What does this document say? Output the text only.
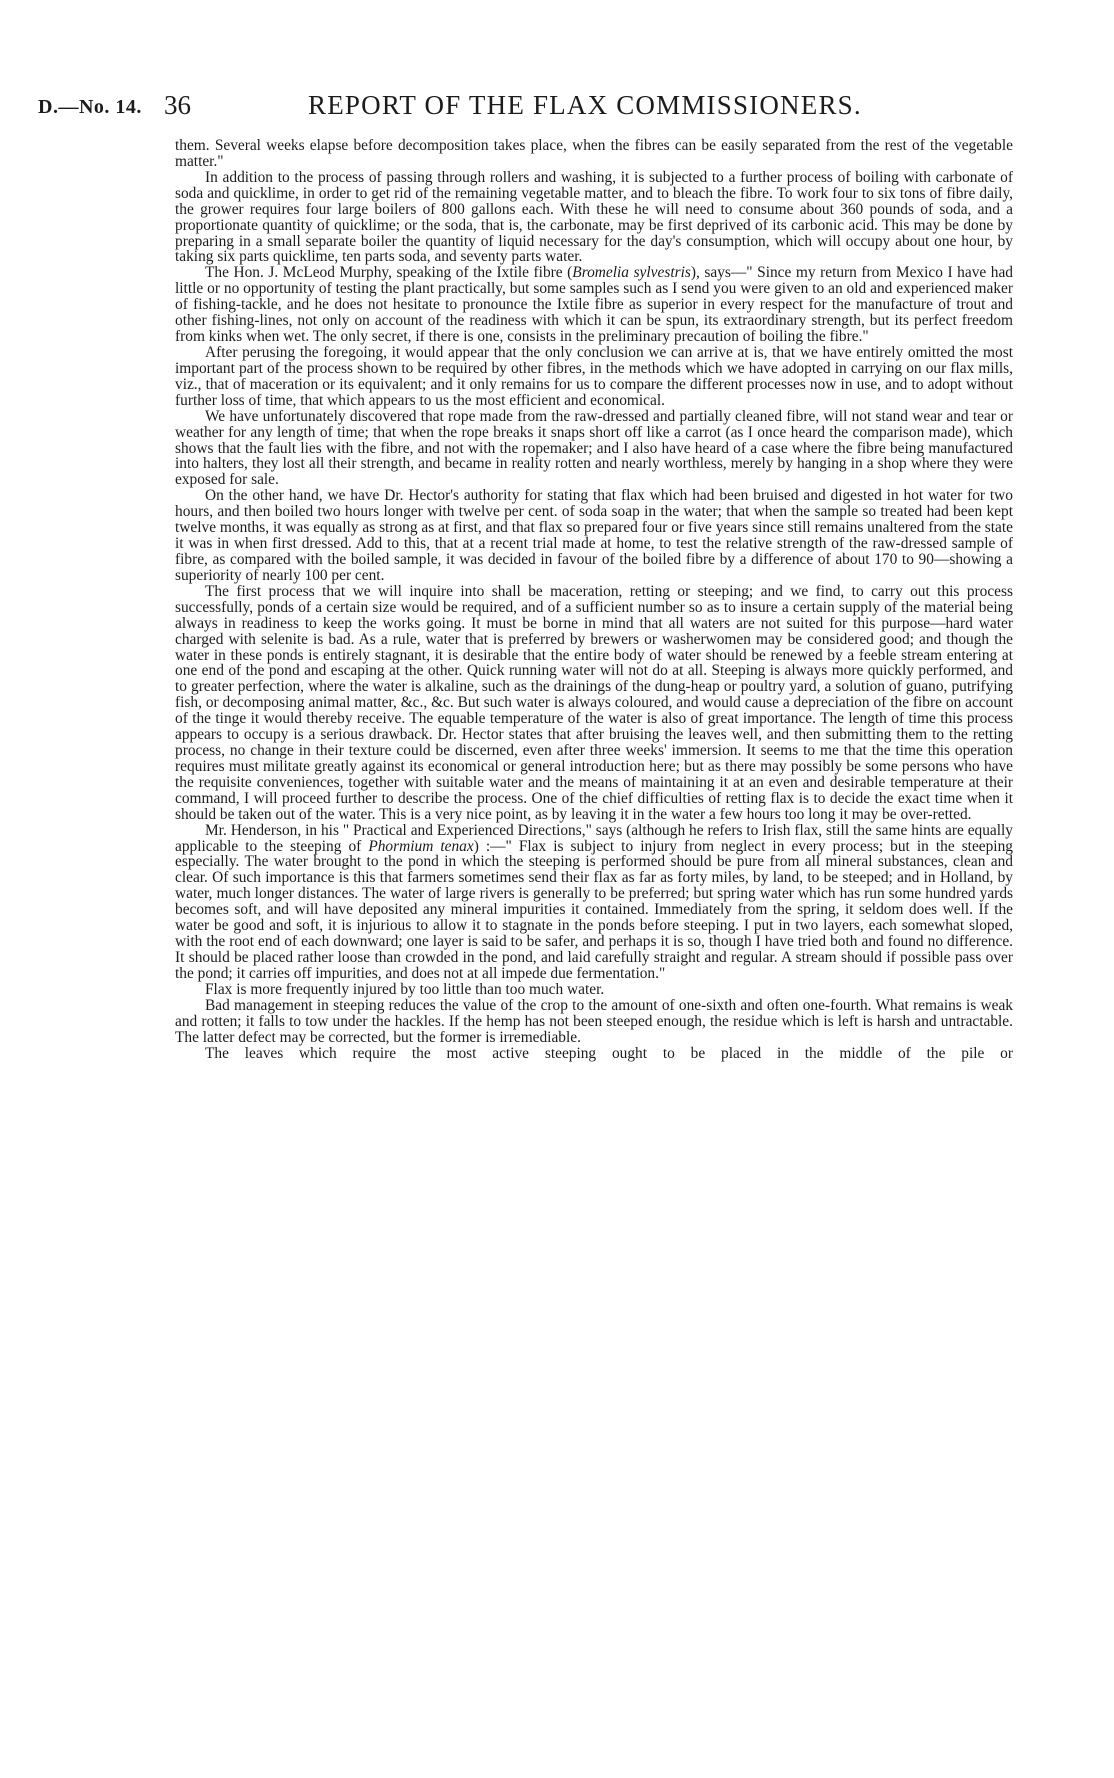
D.—No. 14. 36	REPORT OF THE FLAX COMMISSIONERS.

them. Several weeks elapse before decomposition takes place, when the fibres can be easily separated from the rest of the vegetable matter."

In addition to the process of passing through rollers and washing, it is subjected to a further process of boiling with carbonate of soda and quicklime, in order to get rid of the remaining vegetable matter, and to bleach the fibre. To work four to six tons of fibre daily, the grower requires four large boilers of 800 gallons each. With these he will need to consume about 360 pounds of soda, and a proportionate quantity of quicklime; or the soda, that is, the carbonate, may be first deprived of its carbonic acid. This may be done by preparing in a small separate boiler the quantity of liquid necessary for the day's consumption, which will occupy about one hour, by taking six parts quicklime, ten parts soda, and seventy parts water.

The Hon. J. McLeod Murphy, speaking of the Ixtile fibre (Bromelia sylvestris), says—" Since my return from Mexico I have had little or no opportunity of testing the plant practically, but some samples such as I send you were given to an old and experienced maker of fishing-tackle, and he does not hesitate to pronounce the Ixtile fibre as superior in every respect for the manufacture of trout and other fishing-lines, not only on account of the readiness with which it can be spun, its extraordinary strength, but its perfect freedom from kinks when wet. The only secret, if there is one, consists in the preliminary precaution of boiling the fibre."

After perusing the foregoing, it would appear that the only conclusion we can arrive at is, that we have entirely omitted the most important part of the process shown to be required by other fibres, in the methods which we have adopted in carrying on our flax mills, viz., that of maceration or its equivalent; and it only remains for us to compare the different processes now in use, and to adopt without further loss of time, that which appears to us the most efficient and economical.

We have unfortunately discovered that rope made from the raw-dressed and partially cleaned fibre, will not stand wear and tear or weather for any length of time; that when the rope breaks it snaps short off like a carrot (as I once heard the comparison made), which shows that the fault lies with the fibre, and not with the ropemaker; and I also have heard of a case where the fibre being manufactured into halters, they lost all their strength, and became in reality rotten and nearly worthless, merely by hanging in a shop where they were exposed for sale.

On the other hand, we have Dr. Hector's authority for stating that flax which had been bruised and digested in hot water for two hours, and then boiled two hours longer with twelve per cent. of soda soap in the water; that when the sample so treated had been kept twelve months, it was equally as strong as at first, and that flax so prepared four or five years since still remains unaltered from the state it was in when first dressed. Add to this, that at a recent trial made at home, to test the relative strength of the raw-dressed sample of fibre, as compared with the boiled sample, it was decided in favour of the boiled fibre by a difference of about 170 to 90—showing a superiority of nearly 100 per cent.

The first process that we will inquire into shall be maceration, retting or steeping; and we find, to carry out this process successfully, ponds of a certain size would be required, and of a sufficient number so as to insure a certain supply of the material being always in readiness to keep the works going. It must be borne in mind that all waters are not suited for this purpose—hard water charged with selenite is bad. As a rule, water that is preferred by brewers or washerwomen may be considered good; and though the water in these ponds is entirely stagnant, it is desirable that the entire body of water should be renewed by a feeble stream entering at one end of the pond and escaping at the other. Quick running water will not do at all. Steeping is always more quickly performed, and to greater perfection, where the water is alkaline, such as the drainings of the dung-heap or poultry yard, a solution of guano, putrifying fish, or decomposing animal matter, &c., &c. But such water is always coloured, and would cause a depreciation of the fibre on account of the tinge it would thereby receive. The equable temperature of the water is also of great importance. The length of time this process appears to occupy is a serious drawback. Dr. Hector states that after bruising the leaves well, and then submitting them to the retting process, no change in their texture could be discerned, even after three weeks' immersion. It seems to me that the time this operation requires must militate greatly against its economical or general introduction here; but as there may possibly be some persons who have the requisite conveniences, together with suitable water and the means of maintaining it at an even and desirable temperature at their command, I will proceed further to describe the process. One of the chief difficulties of retting flax is to decide the exact time when it should be taken out of the water. This is a very nice point, as by leaving it in the water a few hours too long it may be over-retted.

Mr. Henderson, in his " Practical and Experienced Directions," says (although he refers to Irish flax, still the same hints are equally applicable to the steeping of Phormium tenax) :—" Flax is subject to injury from neglect in every process; but in the steeping especially. The water brought to the pond in which the steeping is performed should be pure from all mineral substances, clean and clear. Of such importance is this that farmers sometimes send their flax as far as forty miles, by land, to be steeped; and in Holland, by water, much longer distances. The water of large rivers is generally to be preferred; but spring water which has run some hundred yards becomes soft, and will have deposited any mineral impurities it contained. Immediately from the spring, it seldom does well. If the water be good and soft, it is injurious to allow it to stagnate in the ponds before steeping. I put in two layers, each somewhat sloped, with the root end of each downward; one layer is said to be safer, and perhaps it is so, though I have tried both and found no difference. It should be placed rather loose than crowded in the pond, and laid carefully straight and regular. A stream should if possible pass over the pond; it carries off impurities, and does not at all impede due fermentation."

Flax is more frequently injured by too little than too much water.

Bad management in steeping reduces the value of the crop to the amount of one-sixth and often one-fourth. What remains is weak and rotten; it falls to tow under the hackles. If the hemp has not been steeped enough, the residue which is left is harsh and untractable. The latter defect may be corrected, but the former is irremediable.

The leaves which require the most active steeping ought to be placed in the middle of the pile or
